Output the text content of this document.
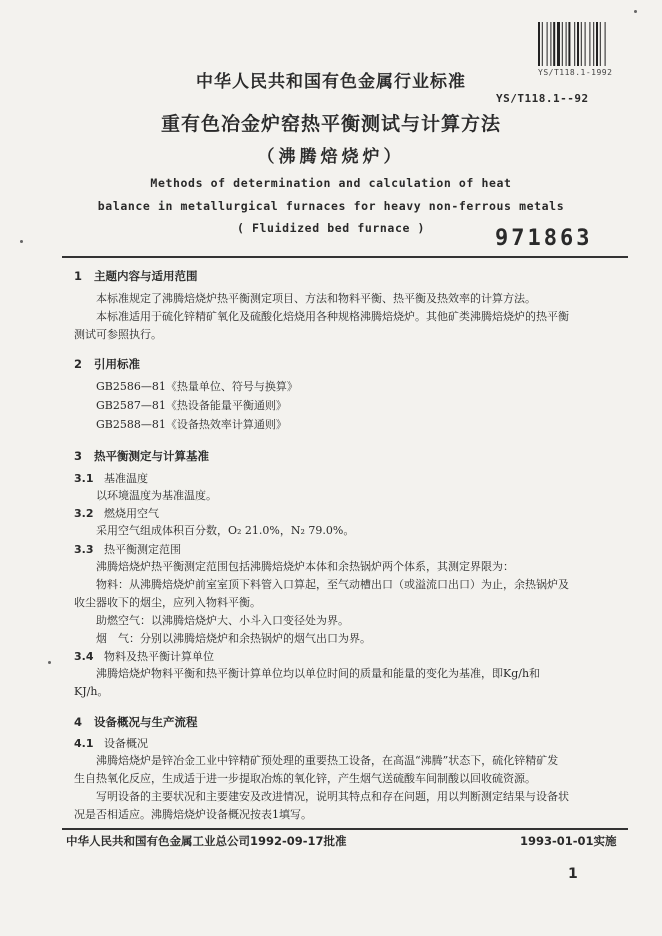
YS/T118.1-1992
中华人民共和国有色金属行业标准
YS/T118.1--92
重有色冶金炉窑热平衡测试与计算方法
（沸腾焙烧炉）
Methods of determination and calculation of heat
balance in metallurgical furnaces for heavy non-ferrous metals
( Fluidized bed furnace )	971863
1 主题内容与适用范围
本标准规定了沸腾焙烧炉热平衡测定项目、方法和物料平衡、热平衡及热效率的计算方法。
本标准适用于硫化锌精矿氧化及硫酸化焙烧用各种规格沸腾焙烧炉。其他矿类沸腾焙烧炉的热平衡
测试可参照执行。
2 引用标准
GB2586—81《热量单位、符号与换算》
GB2587—81《热设备能量平衡通则》
GB2588—81《设备热效率计算通则》
3 热平衡测定与计算基准
3.1 基准温度
以环境温度为基准温度。
3.2 燃烧用空气
采用空气组成体积百分数，O₂ 21.0%，N₂ 79.0%。
3.3 热平衡测定范围
沸腾焙烧炉热平衡测定范围包括沸腾焙烧炉本体和余热锅炉两个体系，其测定界限为：
物料：从沸腾焙烧炉前室室顶下料管入口算起，至气动槽出口（或溢流口出口）为止，余热锅炉及
收尘器收下的烟尘，应列入物料平衡。
助燃空气：以沸腾焙烧炉大、小斗入口变径处为界。
烟　气：分别以沸腾焙烧炉和余热锅炉的烟气出口为界。
3.4 物料及热平衡计算单位
沸腾焙烧炉物料平衡和热平衡计算单位均以单位时间的质量和能量的变化为基准，即Kg/h和
KJ/h。
4 设备概况与生产流程
4.1 设备概况
沸腾焙烧炉是锌冶金工业中锌精矿预处理的重要热工设备，在高温“沸腾”状态下，硫化锌精矿发
生自热氧化反应，生成适于进一步提取冶炼的氧化锌，产生烟气送硫酸车间制酸以回收硫资源。
写明设备的主要状况和主要建安及改进情况，说明其特点和存在问题，用以判断测定结果与设备状
况是否相适应。沸腾焙烧炉设备概况按表1填写。
中华人民共和国有色金属工业总公司1992-09-17批准	1993-01-01实施
1
